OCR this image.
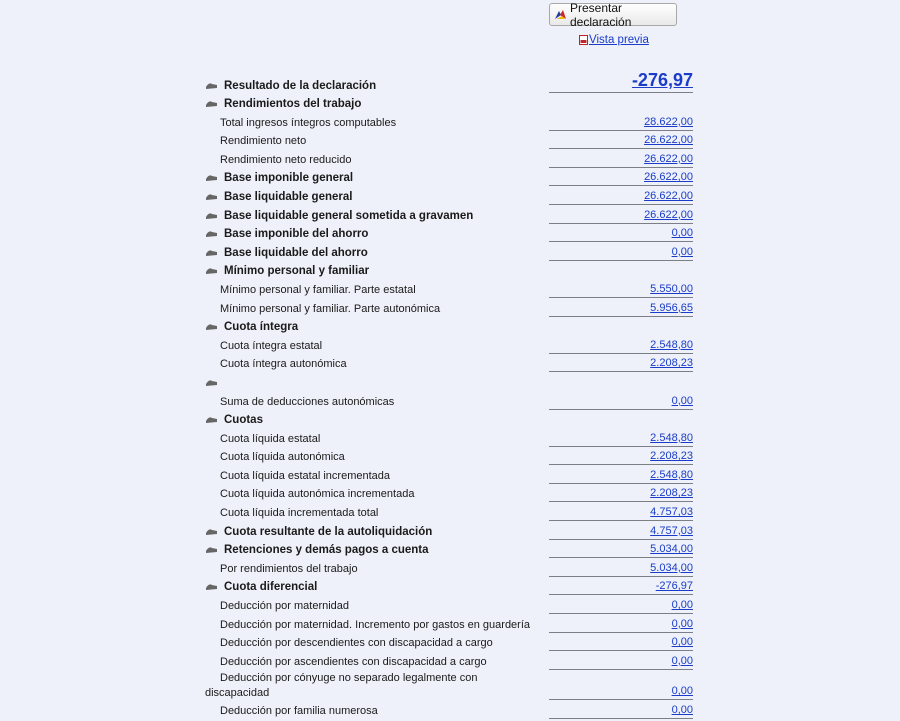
Presentar declaración
Vista previa
Resultado de la declaración	-276,97
Rendimientos del trabajo
Total ingresos íntegros computables	28.622,00
Rendimiento neto	26.622,00
Rendimiento neto reducido	26.622,00
Base imponible general	26.622,00
Base liquidable general	26.622,00
Base liquidable general sometida a gravamen	26.622,00
Base imponible del ahorro	0,00
Base liquidable del ahorro	0,00
Mínimo personal y familiar
Mínimo personal y familiar. Parte estatal	5.550,00
Mínimo personal y familiar. Parte autonómica	5.956,65
Cuota íntegra
Cuota íntegra estatal	2.548,80
Cuota íntegra autonómica	2.208,23
Suma de deducciones autonómicas	0,00
Cuotas
Cuota líquida estatal	2.548,80
Cuota líquida autonómica	2.208,23
Cuota líquida estatal incrementada	2.548,80
Cuota líquida autonómica incrementada	2.208,23
Cuota líquida incrementada total	4.757,03
Cuota resultante de la autoliquidación	4.757,03
Retenciones y demás pagos a cuenta	5.034,00
Por rendimientos del trabajo	5.034,00
Cuota diferencial	-276,97
Deducción por maternidad	0,00
Deducción por maternidad. Incremento por gastos en guardería	0,00
Deducción por descendientes con discapacidad a cargo	0,00
Deducción por ascendientes con discapacidad a cargo	0,00
Deducción por cónyuge no separado legalmente con discapacidad	0,00
Deducción por familia numerosa	0,00
